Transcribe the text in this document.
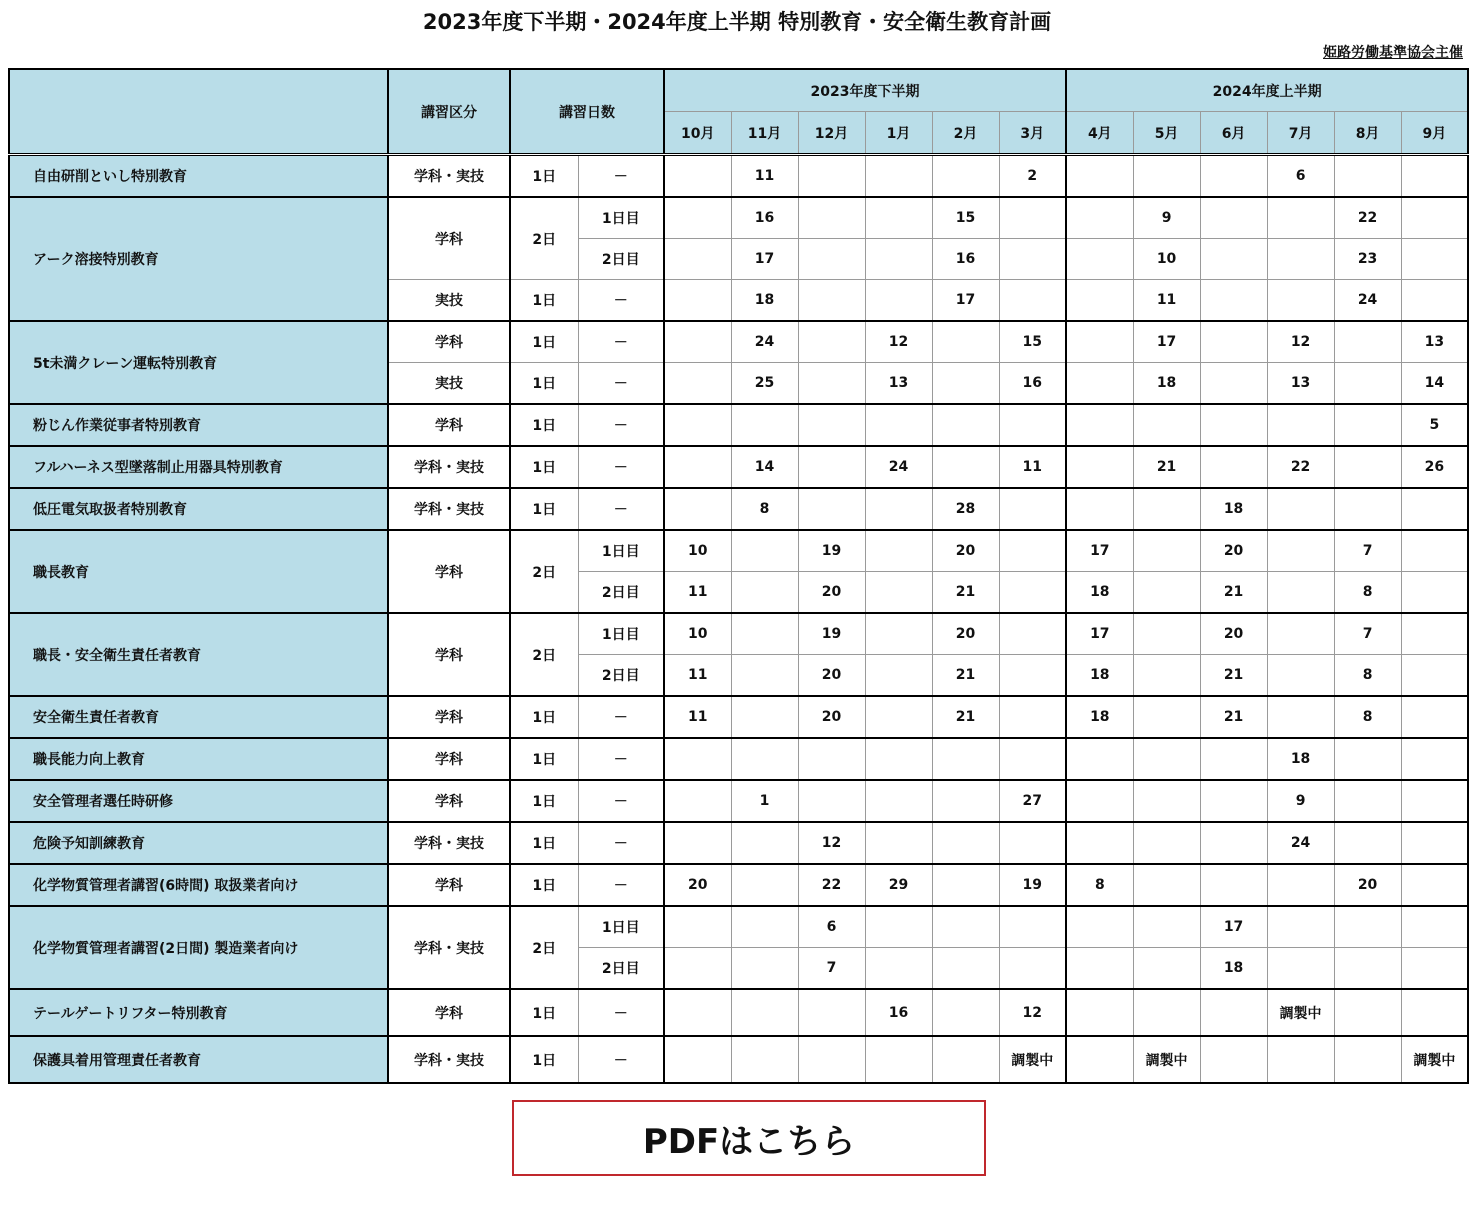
2023年度下半期・2024年度上半期 特別教育・安全衛生教育計画
姫路労働基準協会主催
	講習区分	講習日数		2023年度下半期						2024年度上半期					
				10月	11月	12月	1月	2月	3月	4月	5月	6月	7月	8月	9月
自由研削といし特別教育	学科・実技	1日	－		11				2				6		
アーク溶接特別教育	学科	2日	1日目		16			15			9			22	
			2日目		17			16			10			23	
	実技	1日	－		18			17			11			24	
5t未満クレーン運転特別教育	学科	1日	－		24		12		15		17		12		13
	実技	1日	－		25		13		16		18		13		14
粉じん作業従事者特別教育	学科	1日	－												5
フルハーネス型墜落制止用器具特別教育	学科・実技	1日	－		14		24		11		21		22		26
低圧電気取扱者特別教育	学科・実技	1日	－		8			28				18			
職長教育	学科	2日	1日目	10		19		20		17		20		7	
			2日目	11		20		21		18		21		8	
職長・安全衛生責任者教育	学科	2日	1日目	10		19		20		17		20		7	
			2日目	11		20		21		18		21		8	
安全衛生責任者教育	学科	1日	－	11		20		21		18		21		8	
職長能力向上教育	学科	1日	－										18		
安全管理者選任時研修	学科	1日	－		1				27				9		
危険予知訓練教育	学科・実技	1日	－			12							24		
化学物質管理者講習(6時間) 取扱業者向け	学科	1日	－	20		22	29		19	8				20	
化学物質管理者講習(2日間) 製造業者向け	学科・実技	2日	1日目			6						17			
			2日目			7						18			
テールゲートリフター特別教育	学科	1日	－				16		12				調製中		
保護具着用管理責任者教育	学科・実技	1日	－						調製中		調製中				調製中
PDFはこちら
